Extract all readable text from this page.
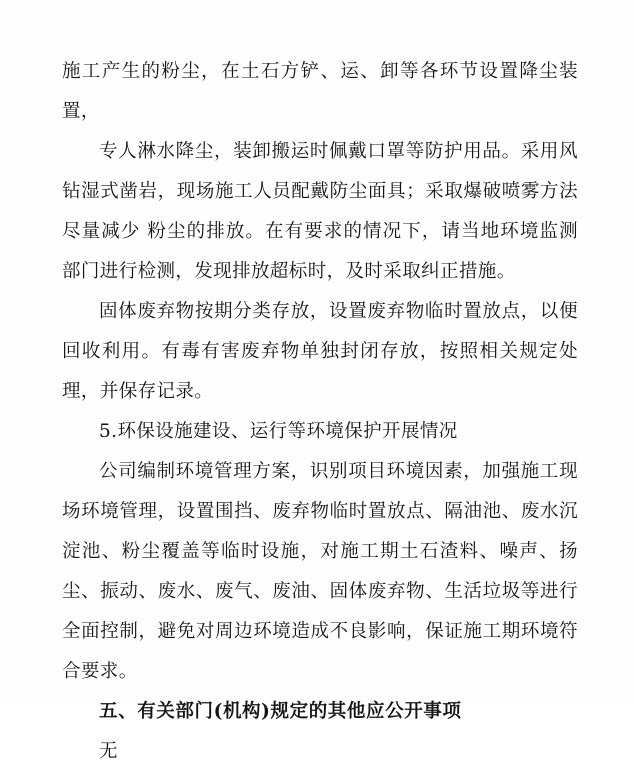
施工产生的粉尘，在土石方铲、运、卸等各环节设置降尘装置，

专人淋水降尘，装卸搬运时佩戴口罩等防护用品。采用风钻湿式凿岩，现场施工人员配戴防尘面具；采取爆破喷雾方法尽量减少 粉尘的排放。在有要求的情况下，请当地环境监测部门进行检测，发现排放超标时，及时采取纠正措施。

固体废弃物按期分类存放，设置废弃物临时置放点，以便回收利用。有毒有害废弃物单独封闭存放，按照相关规定处理，并保存记录。

5.环保设施建设、运行等环境保护开展情况

公司编制环境管理方案，识别项目环境因素，加强施工现场环境管理，设置围挡、废弃物临时置放点、隔油池、废水沉淀池、粉尘覆盖等临时设施，对施工期土石渣料、噪声、扬尘、振动、废水、废气、废油、固体废弃物、生活垃圾等进行全面控制，避免对周边环境造成不良影响，保证施工期环境符合要求。

五、有关部门(机构)规定的其他应公开事项

无
